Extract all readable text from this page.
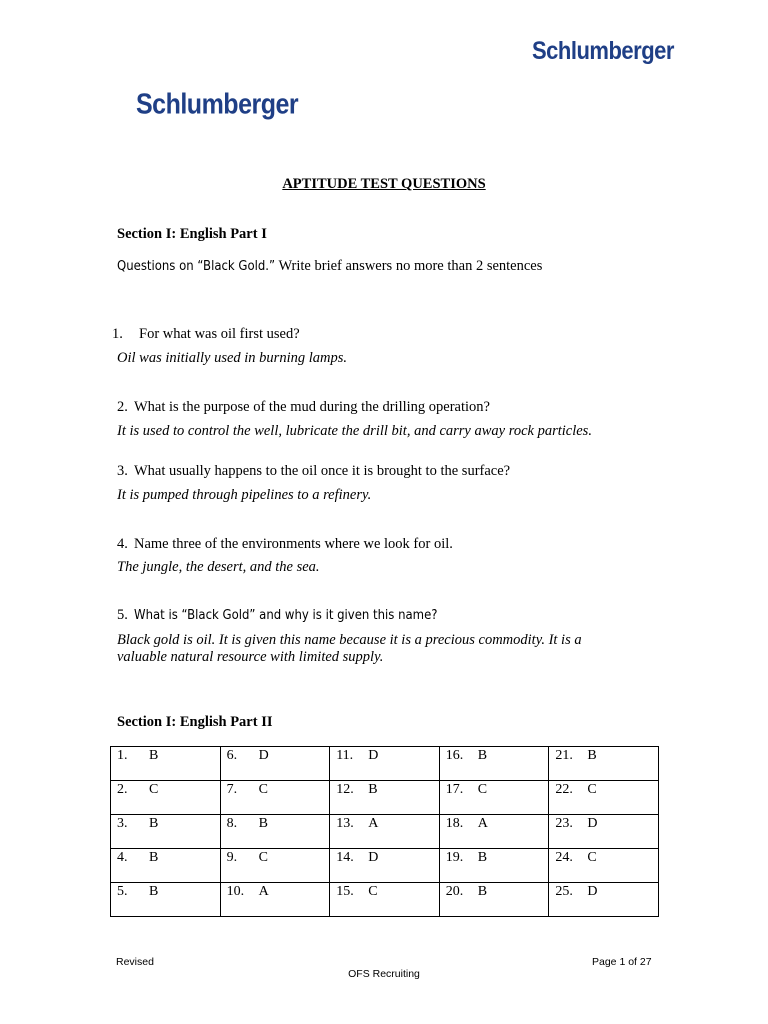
Schlumberger
Schlumberger
APTITUDE TEST QUESTIONS
Section I: English Part I
Questions on “Black Gold.” Write brief answers no more than 2 sentences
1. For what was oil first used?
Oil was initially used in burning lamps.
2. What is the purpose of the mud during the drilling operation?
It is used to control the well, lubricate the drill bit, and carry away rock particles.
3. What usually happens to the oil once it is brought to the surface?
It is pumped through pipelines to a refinery.
4. Name three of the environments where we look for oil.
The jungle, the desert, and the sea.
5. What is “Black Gold” and why is it given this name?
Black gold is oil. It is given this name because it is a precious commodity. It is a
valuable natural resource with limited supply.
Section I: English Part II
1. B	6. D	11. D	16. B	21. B
2. C	7. C	12. B	17. C	22. C
3. B	8. B	13. A	18. A	23. D
4. B	9. C	14. D	19. B	24. C
5. B	10. A	15. C	20. B	25. D
Revised	Page 1 of 27
OFS Recruiting
